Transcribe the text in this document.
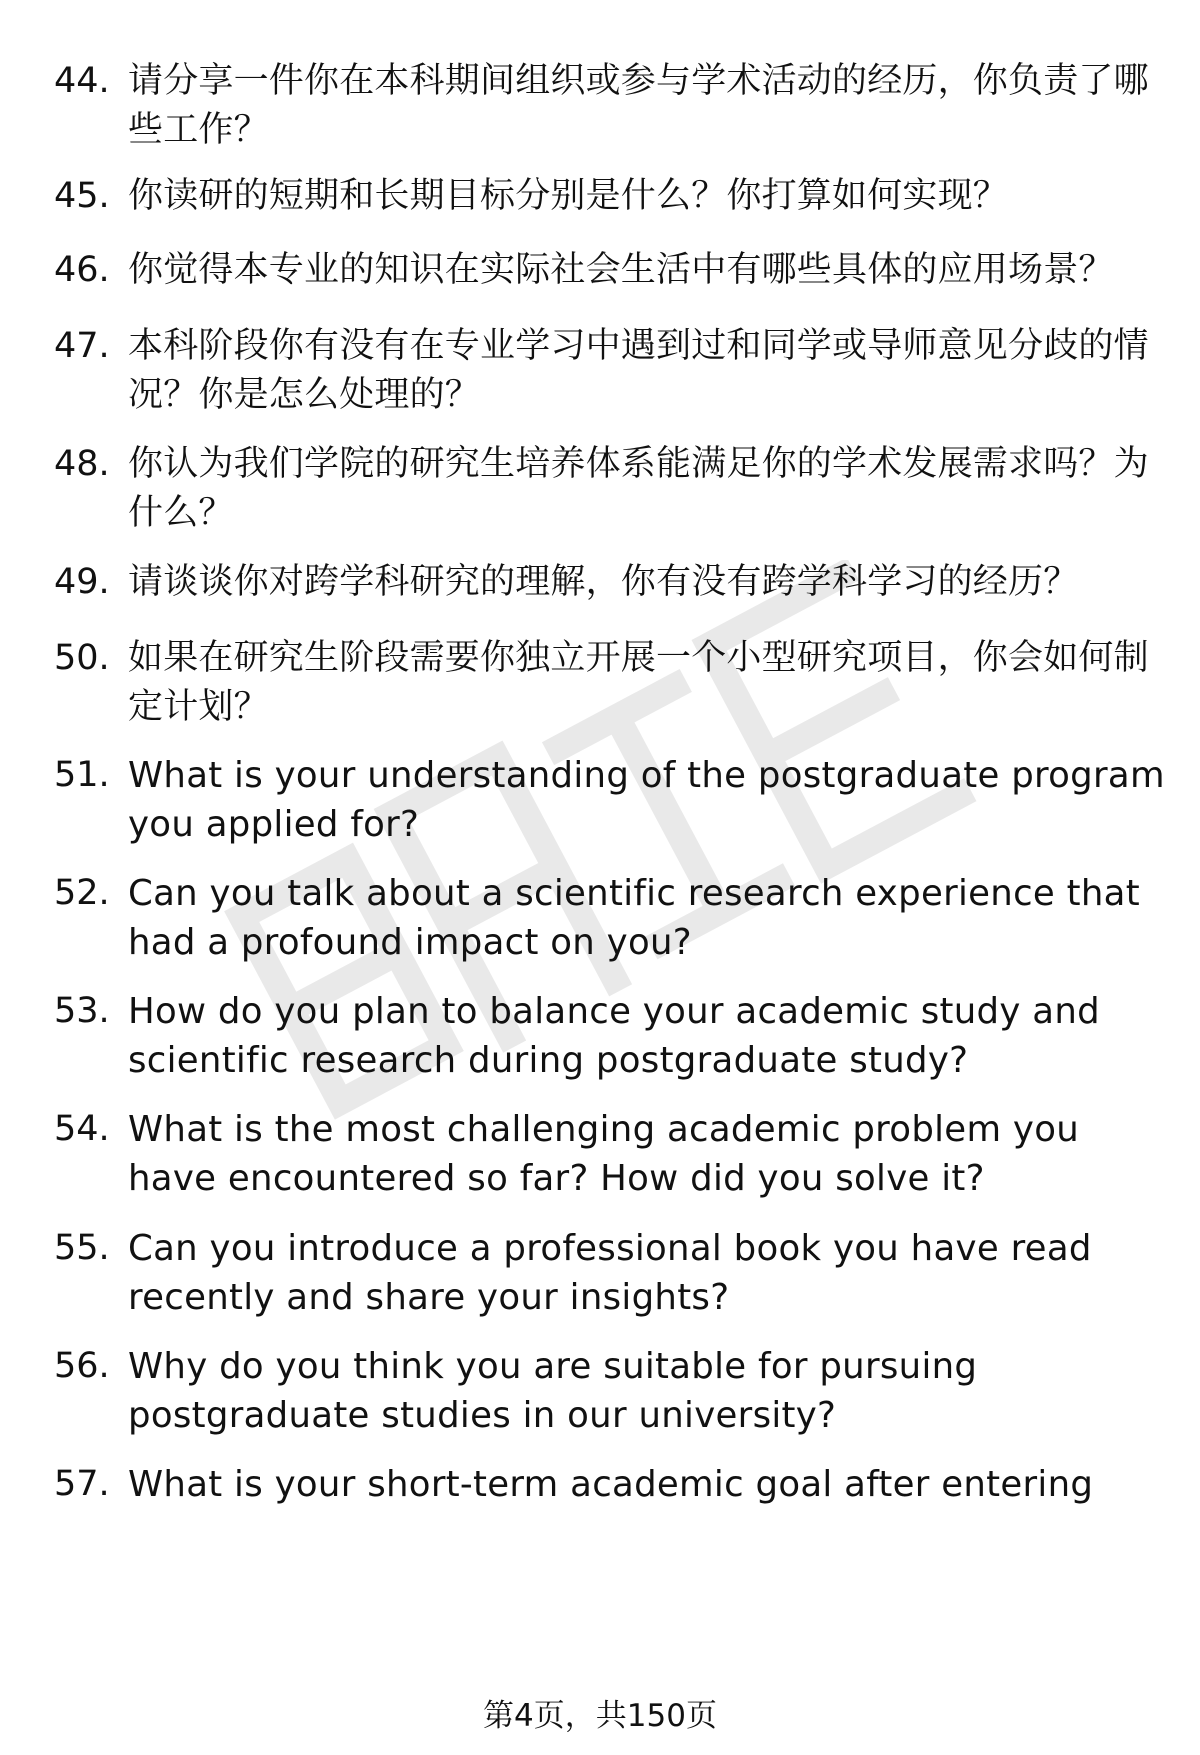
44. 请分享一件你在本科期间组织或参与学术活动的经历，你负责了哪些工作？
45. 你读研的短期和长期目标分别是什么？你打算如何实现？
46. 你觉得本专业的知识在实际社会生活中有哪些具体的应用场景？
47. 本科阶段你有没有在专业学习中遇到过和同学或导师意见分歧的情况？你是怎么处理的？
48. 你认为我们学院的研究生培养体系能满足你的学术发展需求吗？为什么？
49. 请谈谈你对跨学科研究的理解，你有没有跨学科学习的经历？
50. 如果在研究生阶段需要你独立开展一个小型研究项目，你会如何制定计划？
51. What is your understanding of the postgraduate program you applied for?
52. Can you talk about a scientific research experience that had a profound impact on you?
53. How do you plan to balance your academic study and scientific research during postgraduate study?
54. What is the most challenging academic problem you have encountered so far? How did you solve it?
55. Can you introduce a professional book you have read recently and share your insights?
56. Why do you think you are suitable for pursuing postgraduate studies in our university?
57. What is your short-term academic goal after entering
第4页，共150页
